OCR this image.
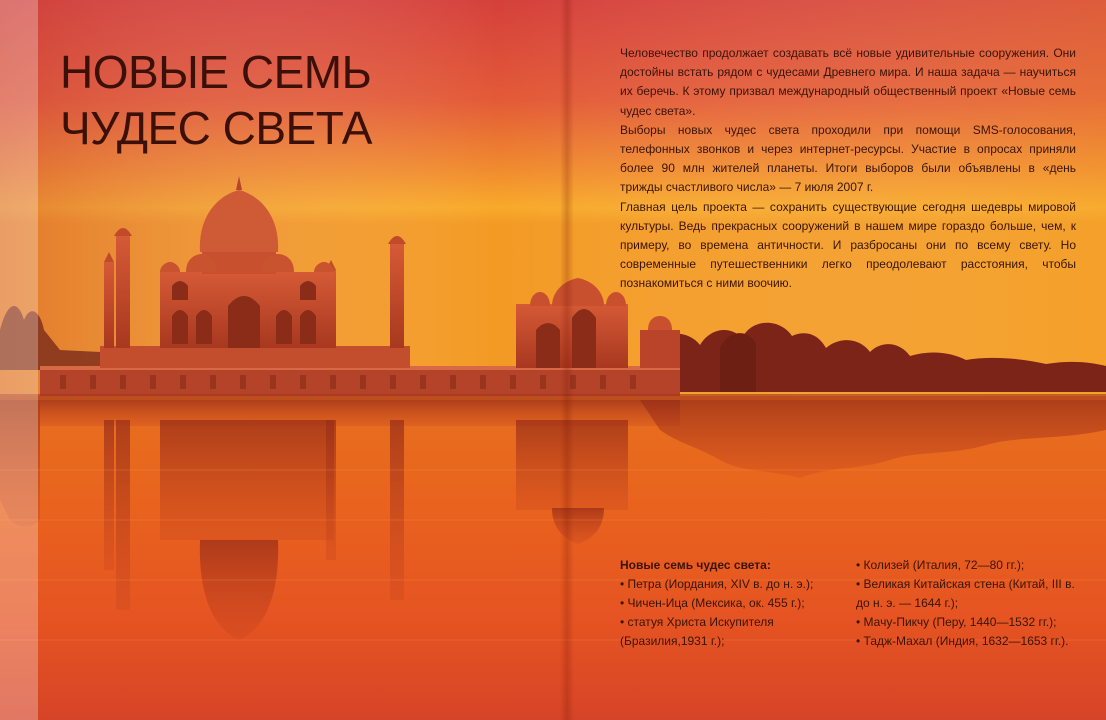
НОВЫЕ СЕМЬ
ЧУДЕС СВЕТА

Человечество продолжает создавать всё новые удивительные сооружения. Они достойны встать рядом с чудесами Древнего мира. И наша задача — научиться их беречь. К этому призвал международный общественный проект «Новые семь чудес света».

Выборы новых чудес света проходили при помощи SMS-голосования, телефонных звонков и через интернет-ресурсы. Участие в опросах приняли более 90 млн жителей планеты. Итоги выборов были объявлены в «день трижды счастливого числа» — 7 июля 2007 г.

Главная цель проекта — сохранить существующие сегодня шедевры мировой культуры. Ведь прекрасных сооружений в нашем мире гораздо больше, чем, к примеру, во времена античности. И разбросаны они по всему свету. Но современные путешественники легко преодолевают расстояния, чтобы познакомиться с ними воочию.

Новые семь чудес света:

• Петра (Иордания, XIV в. до н. э.);
• Чичен-Ица (Мексика, ок. 455 г.);
• статуя Христа Искупителя (Бразилия,1931 г.);
• Колизей (Италия, 72—80 гг.);
• Великая Китайская стена (Китай, III в. до н. э. — 1644 г.);
• Мачу-Пикчу (Перу, 1440—1532 гг.);
• Тадж-Махал (Индия, 1632—1653 гг.).
